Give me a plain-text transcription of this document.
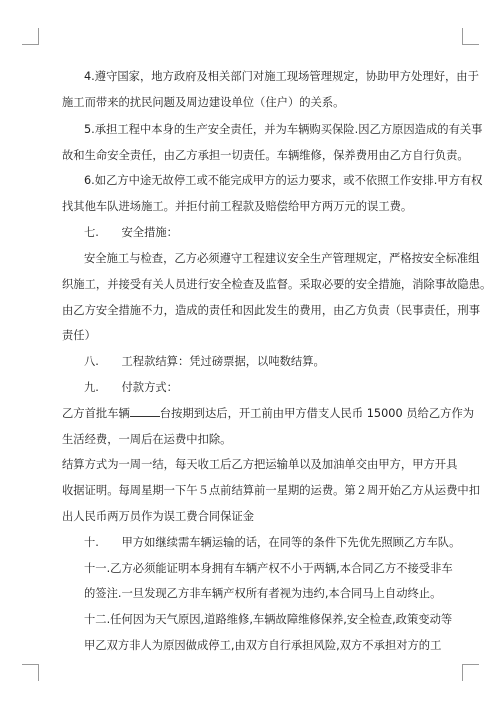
4.遵守国家，地方政府及相关部门对施工现场管理规定，协助甲方处理好，由于
施工而带来的扰民问题及周边建设单位（住户）的关系。
5.承担工程中本身的生产安全责任，并为车辆购买保险.因乙方原因造成的有关事
故和生命安全责任，由乙方承担一切责任。车辆维修，保养费用由乙方自行负责。
6.如乙方中途无故停工或不能完成甲方的运力要求，或不依照工作安排.甲方有权
找其他车队进场施工。并拒付前工程款及赔偿给甲方两万元的误工费。
七.　　安全措施：
安全施工与检查，乙方必须遵守工程建议安全生产管理规定，严格按安全标准组
织施工，并接受有关人员进行安全检查及监督。采取必要的安全措施，消除事故隐患。
由乙方安全措施不力，造成的责任和因此发生的费用，由乙方负责（民事责任，刑事
责任）
八.　　工程款结算：凭过磅票据，以吨数结算。
九.　　付款方式：
乙方首批车辆	台按期到达后，开工前由甲方借支人民币 15000 员给乙方作为
生活经费，一周后在运费中扣除。
结算方式为一周一结，每天收工后乙方把运输单以及加油单交由甲方，甲方开具
收据证明。每周星期一下午５点前结算前一星期的运费。第２周开始乙方从运费中扣
出人民币两万员作为误工费合同保证金
十.　　甲方如继续需车辆运输的话，在同等的条件下先优先照顾乙方车队。
十一.乙方必须能证明本身拥有车辆产权不小于两辆,本合同乙方不接受非车
的签注.一旦发现乙方非车辆产权所有者视为违约,本合同马上自动终止。
十二.任何因为天气原因,道路维修,车辆故障维修保养,安全检查,政策变动等
甲乙双方非人为原因做成停工,由双方自行承担风险,双方不承担对方的工
